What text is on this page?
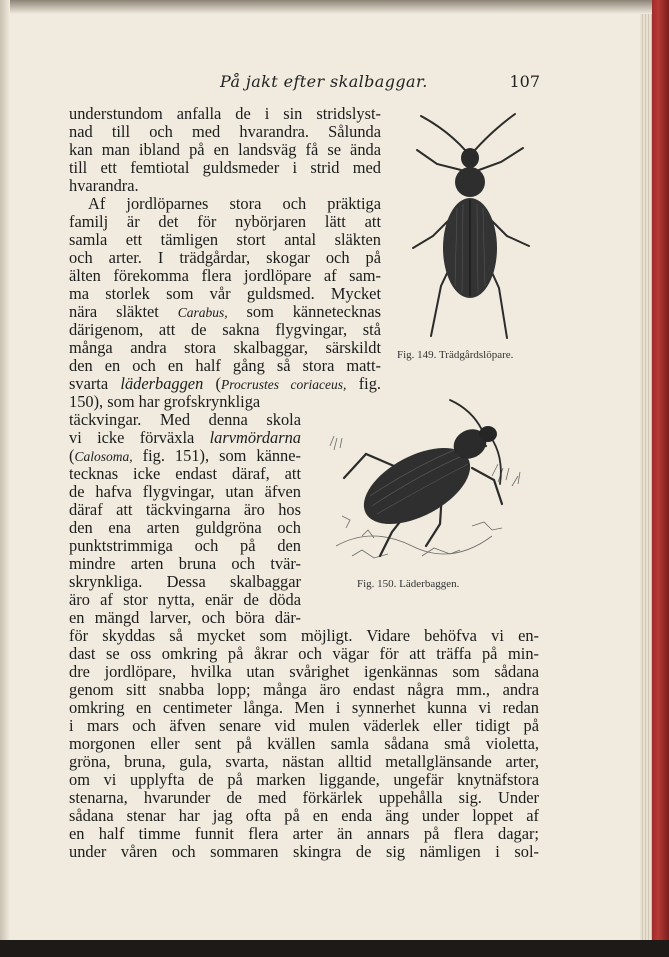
På jakt efter skalbaggar.	107
understundom anfalla de i sin stridslyst-
nad till och med hvarandra. Sålunda
kan man ibland på en landsväg få se ända
till ett femtiotal guldsmeder i strid med
hvarandra.
Af jordlöparnes stora och präktiga
familj är det för nybörjaren lätt att
samla ett tämligen stort antal släkten
och arter. I trädgårdar, skogar och på
älten förekomma flera jordlöpare af sam-
ma storlek som vår guldsmed. Mycket
nära släktet Carabus, som kännetecknas
därigenom, att de sakna flygvingar, stå
många andra stora skalbaggar, särskildt
den en och en half gång så stora matt-
svarta läderbaggen (Procrustes coriaceus, fig.
150), som har grofskrynkliga
täckvingar. Med denna skola
vi icke förväxla larvmördarna
(Calosoma, fig. 151), som känne-
tecknas icke endast däraf, att
de hafva flygvingar, utan äfven
däraf att täckvingarna äro hos
den ena arten guldgröna och
punktstrimmiga och på den
mindre arten bruna och tvär-
skrynkliga. Dessa skalbaggar
äro af stor nytta, enär de döda
en mängd larver, och böra där-
för skyddas så mycket som möjligt. Vidare behöfva vi en-
dast se oss omkring på åkrar och vägar för att träffa på min-
dre jordlöpare, hvilka utan svårighet igenkännas som sådana
genom sitt snabba lopp; många äro endast några mm., andra
omkring en centimeter långa. Men i synnerhet kunna vi redan
i mars och äfven senare vid mulen väderlek eller tidigt på
morgonen eller sent på kvällen samla sådana små violetta,
gröna, bruna, gula, svarta, nästan alltid metallglänsande arter,
om vi upplyfta de på marken liggande, ungefär knytnäfstora
stenarna, hvarunder de med förkärlek uppehålla sig. Under
sådana stenar har jag ofta på en enda äng under loppet af
en half timme funnit flera arter än annars på flera dagar;
under våren och sommaren skingra de sig nämligen i sol-
Fig. 149. Trädgårdslöpare.
Fig. 150. Läderbaggen.
